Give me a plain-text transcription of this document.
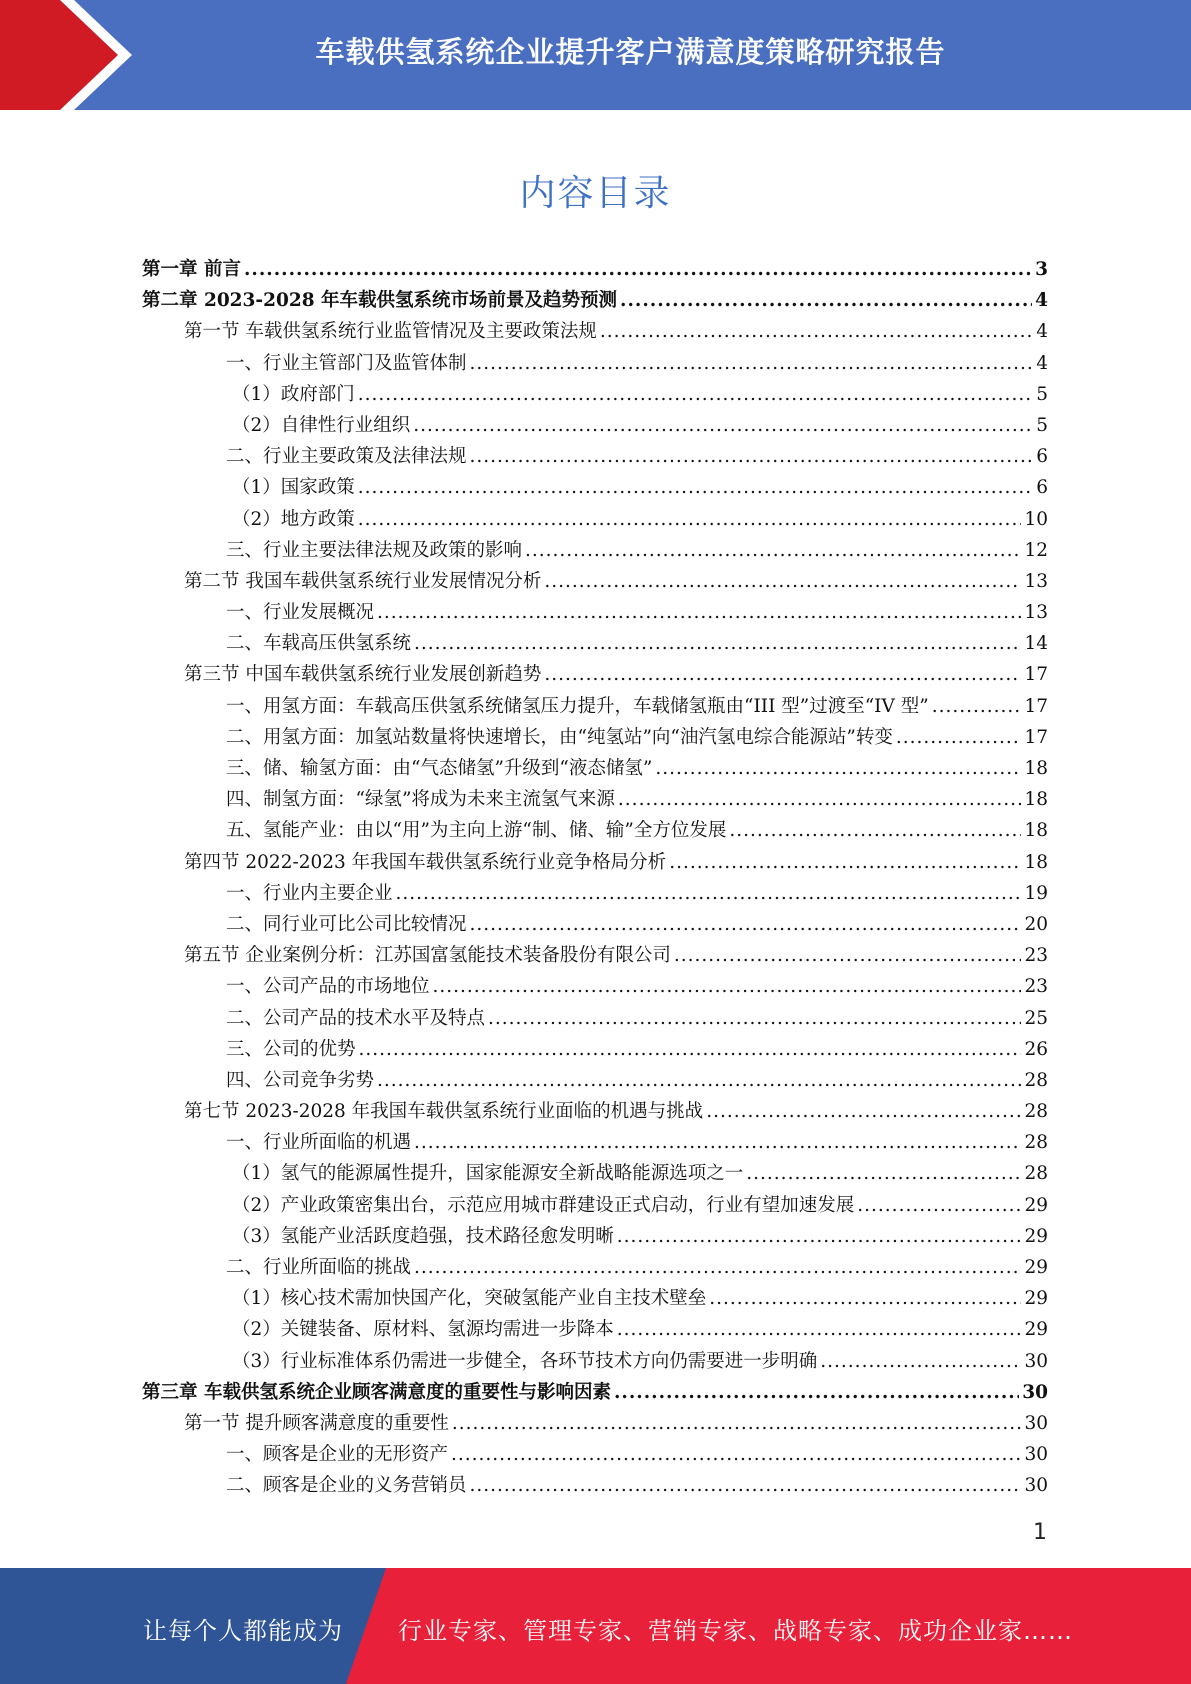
车载供氢系统企业提升客户满意度策略研究报告
内容目录
第一章 前言 .....	3
第二章 2023-2028 年车载供氢系统市场前景及趋势预测 .....	4
第一节 车载供氢系统行业监管情况及主要政策法规 .....	4
一、行业主管部门及监管体制 .....	4
（1）政府部门 .....	5
（2）自律性行业组织 .....	5
二、行业主要政策及法律法规 .....	6
（1）国家政策 .....	6
（2）地方政策 .....	10
三、行业主要法律法规及政策的影响 .....	12
第二节 我国车载供氢系统行业发展情况分析 .....	13
一、行业发展概况 .....	13
二、车载高压供氢系统 .....	14
第三节 中国车载供氢系统行业发展创新趋势 .....	17
一、用氢方面：车载高压供氢系统储氢压力提升，车载储氢瓶由“III 型”过渡至“IV 型” .....	17
二、用氢方面：加氢站数量将快速增长，由“纯氢站”向“油汽氢电综合能源站”转变 .....	17
三、储、输氢方面：由“气态储氢”升级到“液态储氢” .....	18
四、制氢方面：“绿氢”将成为未来主流氢气来源 .....	18
五、氢能产业：由以“用”为主向上游“制、储、输”全方位发展 .....	18
第四节 2022-2023 年我国车载供氢系统行业竞争格局分析 .....	18
一、行业内主要企业 .....	19
二、同行业可比公司比较情况 .....	20
第五节 企业案例分析：江苏国富氢能技术装备股份有限公司 .....	23
一、公司产品的市场地位 .....	23
二、公司产品的技术水平及特点 .....	25
三、公司的优势 .....	26
四、公司竞争劣势 .....	28
第七节 2023-2028 年我国车载供氢系统行业面临的机遇与挑战 .....	28
一、行业所面临的机遇 .....	28
（1）氢气的能源属性提升，国家能源安全新战略能源选项之一 .....	28
（2）产业政策密集出台，示范应用城市群建设正式启动，行业有望加速发展 .....	29
（3）氢能产业活跃度趋强，技术路径愈发明晰 .....	29
二、行业所面临的挑战 .....	29
（1）核心技术需加快国产化，突破氢能产业自主技术壁垒 .....	29
（2）关键装备、原材料、氢源均需进一步降本 .....	29
（3）行业标准体系仍需进一步健全，各环节技术方向仍需要进一步明确 .....	30
第三章 车载供氢系统企业顾客满意度的重要性与影响因素 .....	30
第一节 提升顾客满意度的重要性 .....	30
一、顾客是企业的无形资产 .....	30
二、顾客是企业的义务营销员 .....	30
1
让每个人都能成为 行业专家、管理专家、营销专家、战略专家、成功企业家……
